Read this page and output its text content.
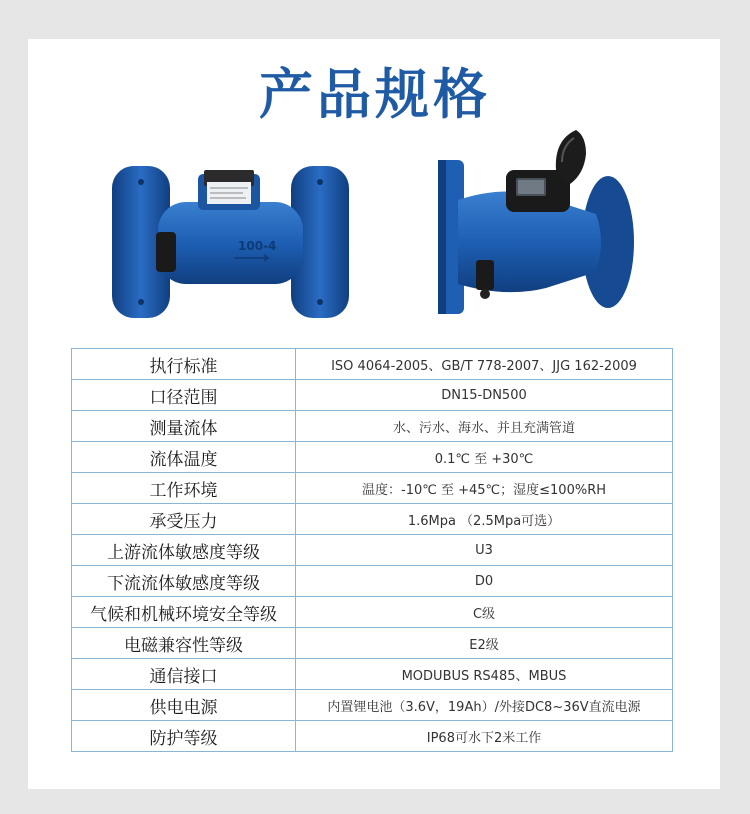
产品规格
100-4
执行标准	ISO 4064-2005、GB/T 778-2007、JJG 162-2009
口径范围	DN15-DN500
测量流体	水、污水、海水、并且充满管道
流体温度	0.1℃ 至 +30℃
工作环境	温度：-10℃ 至 +45℃；湿度≤100%RH
承受压力	1.6Mpa （2.5Mpa可选）
上游流体敏感度等级	U3
下流流体敏感度等级	D0
气候和机械环境安全等级	C级
电磁兼容性等级	E2级
通信接口	MODUBUS RS485、MBUS
供电电源	内置锂电池（3.6V，19Ah）/外接DC8~36V直流电源
防护等级	IP68可水下2米工作
